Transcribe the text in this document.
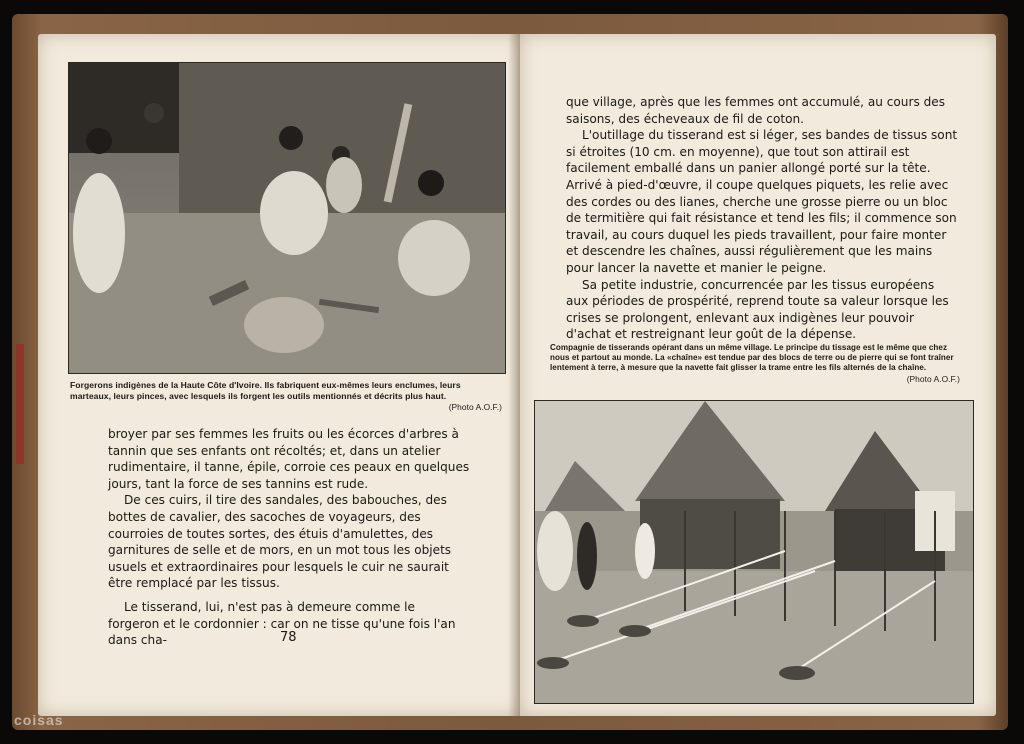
Forgerons indigènes de la Haute Côte d'Ivoire. Ils fabriquent eux-mêmes leurs enclumes, leurs marteaux, leurs pinces, avec lesquels ils forgent les outils mentionnés et décrits plus haut.
(Photo A.O.F.)

broyer par ses femmes les fruits ou les écorces d'arbres à tannin que ses enfants ont récoltés; et, dans un atelier rudimentaire, il tanne, épile, corroie ces peaux en quelques jours, tant la force de ses tannins est rude.

De ces cuirs, il tire des sandales, des babouches, des bottes de cavalier, des sacoches de voyageurs, des courroies de toutes sortes, des étuis d'amulettes, des garnitures de selle et de mors, en un mot tous les objets usuels et extraordinaires pour lesquels le cuir ne saurait être remplacé par les tissus.

Le tisserand, lui, n'est pas à demeure comme le forgeron et le cordonnier : car on ne tisse qu'une fois l'an dans cha-	78

que village, après que les femmes ont accumulé, au cours des saisons, des écheveaux de fil de coton.

L'outillage du tisserand est si léger, ses bandes de tissus sont si étroites (10 cm. en moyenne), que tout son attirail est facilement emballé dans un panier allongé porté sur la tête. Arrivé à pied-d'œuvre, il coupe quelques piquets, les relie avec des cordes ou des lianes, cherche une grosse pierre ou un bloc de termitière qui fait résistance et tend les fils; il commence son travail, au cours duquel les pieds travaillent, pour faire monter et descendre les chaînes, aussi régulièrement que les mains pour lancer la navette et manier le peigne.

Sa petite industrie, concurrencée par les tissus européens aux périodes de prospérité, reprend toute sa valeur lorsque les crises se prolongent, enlevant aux indigènes leur pouvoir d'achat et restreignant leur goût de la dépense.

Compagnie de tisserands opérant dans un même village. Le principe du tissage est le même que chez nous et partout au monde. La «chaîne» est tendue par des blocs de terre ou de pierre qui se font traîner lentement à terre, à mesure que la navette fait glisser la trame entre les fils alternés de la chaîne.
(Photo A.O.F.)
coisas
